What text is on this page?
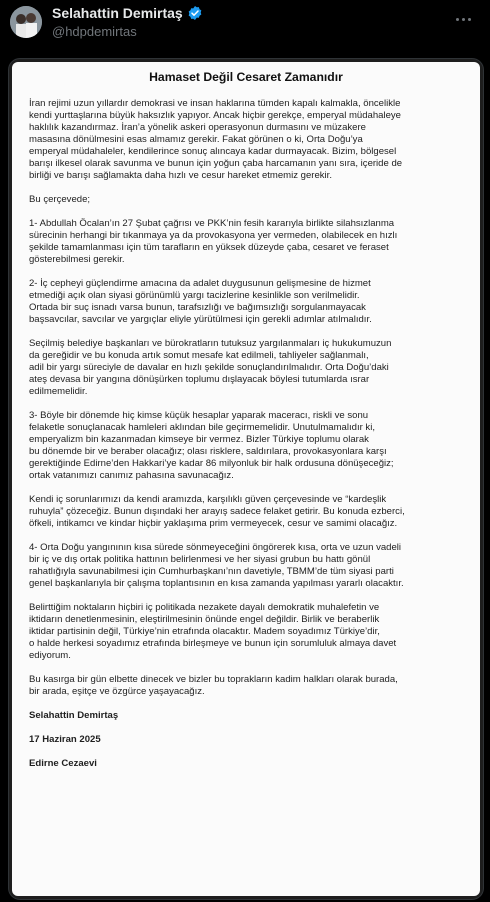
Selahattin Demirtaş
@hdpdemirtas
Hamaset Değil Cesaret Zamanıdır

İran rejimi uzun yıllardır demokrasi ve insan haklarına tümden kapalı kalmakla, öncelikle
kendi yurttaşlarına büyük haksızlık yapıyor. Ancak hiçbir gerekçe, emperyal müdahaleye
haklılık kazandırmaz. İran’a yönelik askeri operasyonun durmasını ve müzakere
masasına dönülmesini esas almamız gerekir. Fakat görünen o ki, Orta Doğu’ya
emperyal müdahaleler, kendilerince sonuç alıncaya kadar durmayacak. Bizim, bölgesel
barışı ilkesel olarak savunma ve bunun için yoğun çaba harcamanın yanı sıra, içeride de
birliği ve barışı sağlamakta daha hızlı ve cesur hareket etmemiz gerekir.

Bu çerçevede;

1- Abdullah Öcalan’ın 27 Şubat çağrısı ve PKK’nin fesih kararıyla birlikte silahsızlanma
sürecinin herhangi bir tıkanmaya ya da provokasyona yer vermeden, olabilecek en hızlı
şekilde tamamlanması için tüm tarafların en yüksek düzeyde çaba, cesaret ve feraset
gösterebilmesi gerekir.

2- İç cepheyi güçlendirme amacına da adalet duygusunun gelişmesine de hizmet
etmediği açık olan siyasi görünümlü yargı tacizlerine kesinlikle son verilmelidir.
Ortada bir suç isnadı varsa bunun, tarafsızlığı ve bağımsızlığı sorgulanmayacak
başsavcılar, savcılar ve yargıçlar eliyle yürütülmesi için gerekli adımlar atılmalıdır.

Seçilmiş belediye başkanları ve bürokratların tutuksuz yargılanmaları iç hukukumuzun
da gereğidir ve bu konuda artık somut mesafe kat edilmeli, tahliyeler sağlanmalı,
adil bir yargı süreciyle de davalar en hızlı şekilde sonuçlandırılmalıdır. Orta Doğu’daki
ateş devasa bir yangına dönüşürken toplumu dışlayacak böylesi tutumlarda ısrar
edilmemelidir.

3- Böyle bir dönemde hiç kimse küçük hesaplar yaparak maceracı, riskli ve sonu
felaketle sonuçlanacak hamleleri aklından bile geçirmemelidir. Unutulmamalıdır ki,
emperyalizm bin kazanmadan kimseye bir vermez. Bizler Türkiye toplumu olarak
bu dönemde bir ve beraber olacağız; olası risklere, saldırılara, provokasyonlara karşı
gerektiğinde Edirne’den Hakkari’ye kadar 86 milyonluk bir halk ordusuna dönüşeceğiz;
ortak vatanımızı canımız pahasına savunacağız.

Kendi iç sorunlarımızı da kendi aramızda, karşılıklı güven çerçevesinde ve “kardeşlik
ruhuyla” çözeceğiz. Bunun dışındaki her arayış sadece felaket getirir. Bu konuda ezberci,
öfkeli, intikamcı ve kindar hiçbir yaklaşıma prim vermeyecek, cesur ve samimi olacağız.

4- Orta Doğu yangınının kısa sürede sönmeyeceğini öngörerek kısa, orta ve uzun vadeli
bir iç ve dış ortak politika hattının belirlenmesi ve her siyasi grubun bu hattı gönül
rahatlığıyla savunabilmesi için Cumhurbaşkanı’nın davetiyle, TBMM’de tüm siyasi parti
genel başkanlarıyla bir çalışma toplantısının en kısa zamanda yapılması yararlı olacaktır.

Belirttiğim noktaların hiçbiri iç politikada nezakete dayalı demokratik muhalefetin ve
iktidarın denetlenmesinin, eleştirilmesinin önünde engel değildir. Birlik ve beraberlik
iktidar partisinin değil, Türkiye’nin etrafında olacaktır. Madem soyadımız Türkiye’dir,
o halde herkesi soyadımız etrafında birleşmeye ve bunun için sorumluluk almaya davet
ediyorum.

Bu kasırga bir gün elbette dinecek ve bizler bu toprakların kadim halkları olarak burada,
bir arada, eşitçe ve özgürce yaşayacağız.

Selahattin Demirtaş

17 Haziran 2025

Edirne Cezaevi
